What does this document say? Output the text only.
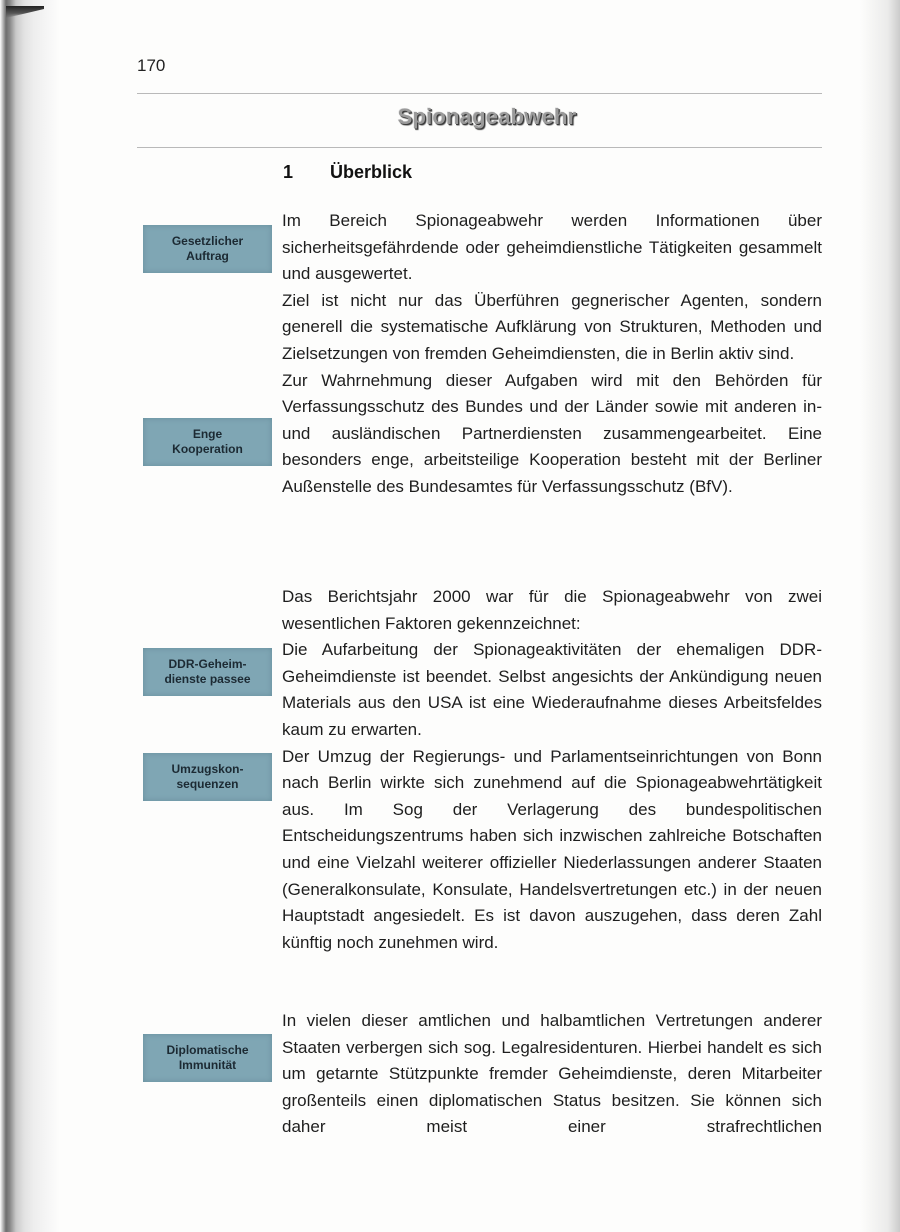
170
Spionageabwehr
1 Überblick
Gesetzlicher Auftrag
Enge Kooperation
DDR-Geheim-dienste passee
Umzugskon-sequenzen
Diplomatische Immunität

Im Bereich Spionageabwehr werden Informationen über sicherheitsgefährdende oder geheimdienstliche Tätigkeiten gesammelt und ausgewertet.

Ziel ist nicht nur das Überführen gegnerischer Agenten, sondern generell die systematische Aufklärung von Strukturen, Methoden und Zielsetzungen von fremden Geheimdiensten, die in Berlin aktiv sind.

Zur Wahrnehmung dieser Aufgaben wird mit den Behörden für Verfassungsschutz des Bundes und der Länder sowie mit anderen in- und ausländischen Partnerdiensten zusammengearbeitet. Eine besonders enge, arbeitsteilige Kooperation besteht mit der Berliner Außenstelle des Bundesamtes für Verfassungsschutz (BfV).

Das Berichtsjahr 2000 war für die Spionageabwehr von zwei wesentlichen Faktoren gekennzeichnet:

Die Aufarbeitung der Spionageaktivitäten der ehemaligen DDR-Geheimdienste ist beendet. Selbst angesichts der Ankündigung neuen Materials aus den USA ist eine Wiederaufnahme dieses Arbeitsfeldes kaum zu erwarten.

Der Umzug der Regierungs- und Parlamentseinrichtungen von Bonn nach Berlin wirkte sich zunehmend auf die Spionageabwehrtätigkeit aus. Im Sog der Verlagerung des bundespolitischen Entscheidungszentrums haben sich inzwischen zahlreiche Botschaften und eine Vielzahl weiterer offizieller Niederlassungen anderer Staaten (Generalkonsulate, Konsulate, Handelsvertretungen etc.) in der neuen Hauptstadt angesiedelt. Es ist davon auszugehen, dass deren Zahl künftig noch zunehmen wird.

In vielen dieser amtlichen und halbamtlichen Vertretungen anderer Staaten verbergen sich sog. Legalresidenturen. Hierbei handelt es sich um getarnte Stützpunkte fremder Geheimdienste, deren Mitarbeiter großenteils einen diplomatischen Status besitzen. Sie können sich daher meist einer strafrechtlichen
